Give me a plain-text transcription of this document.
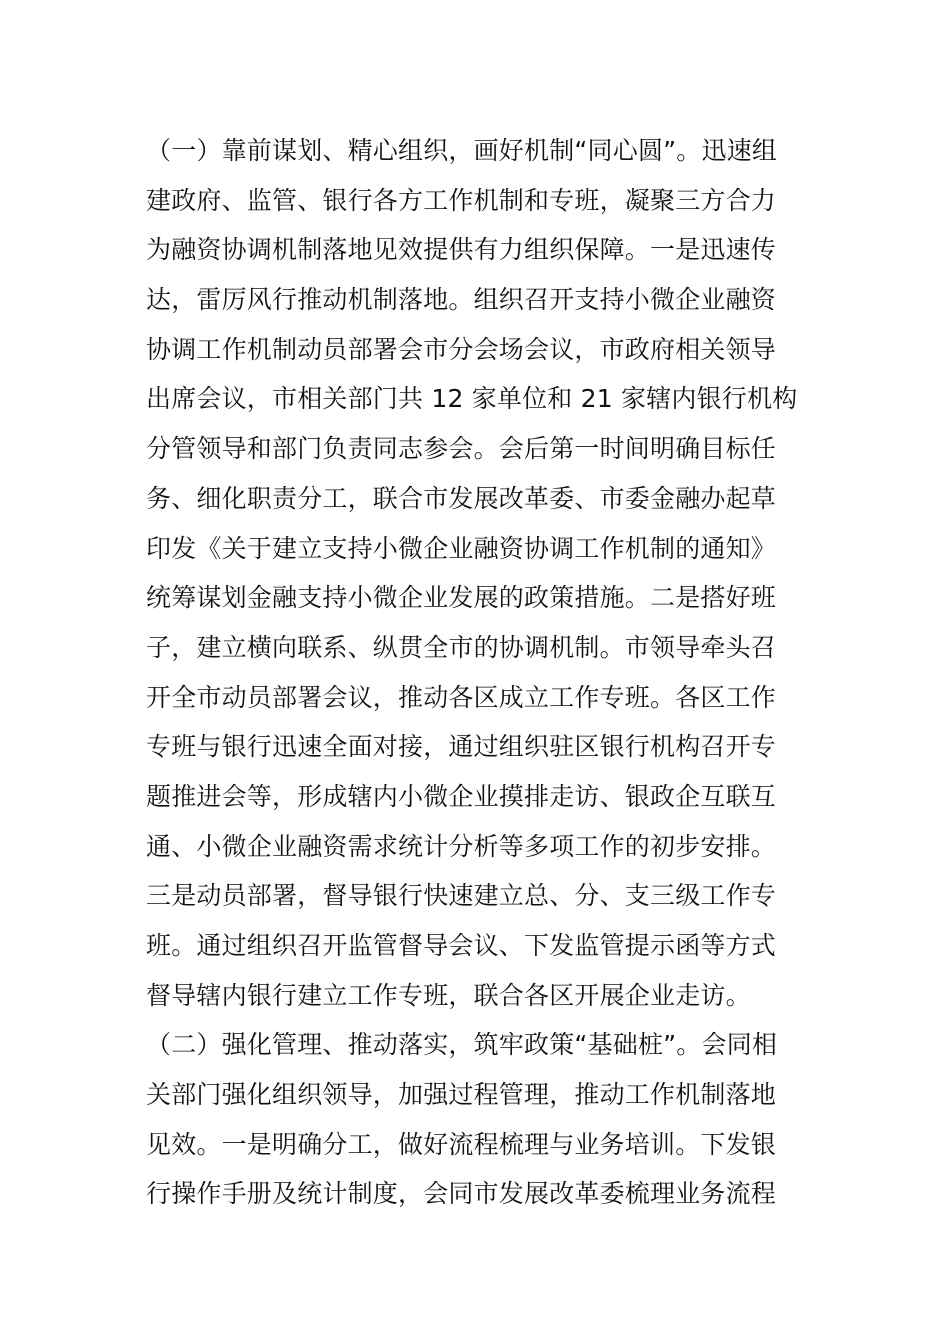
（一）靠前谋划、精心组织，画好机制“同心圆”。迅速组
建政府、监管、银行各方工作机制和专班，凝聚三方合力
为融资协调机制落地见效提供有力组织保障。一是迅速传
达，雷厉风行推动机制落地。组织召开支持小微企业融资
协调工作机制动员部署会市分会场会议，市政府相关领导
出席会议，市相关部门共 12 家单位和 21 家辖内银行机构
分管领导和部门负责同志参会。会后第一时间明确目标任
务、细化职责分工，联合市发展改革委、市委金融办起草
印发《关于建立支持小微企业融资协调工作机制的通知》
统筹谋划金融支持小微企业发展的政策措施。二是搭好班
子，建立横向联系、纵贯全市的协调机制。市领导牵头召
开全市动员部署会议，推动各区成立工作专班。各区工作
专班与银行迅速全面对接，通过组织驻区银行机构召开专
题推进会等，形成辖内小微企业摸排走访、银政企互联互
通、小微企业融资需求统计分析等多项工作的初步安排。
三是动员部署，督导银行快速建立总、分、支三级工作专
班。通过组织召开监管督导会议、下发监管提示函等方式
督导辖内银行建立工作专班，联合各区开展企业走访。
（二）强化管理、推动落实，筑牢政策“基础桩”。会同相
关部门强化组织领导，加强过程管理，推动工作机制落地
见效。一是明确分工，做好流程梳理与业务培训。下发银
行操作手册及统计制度，会同市发展改革委梳理业务流程
